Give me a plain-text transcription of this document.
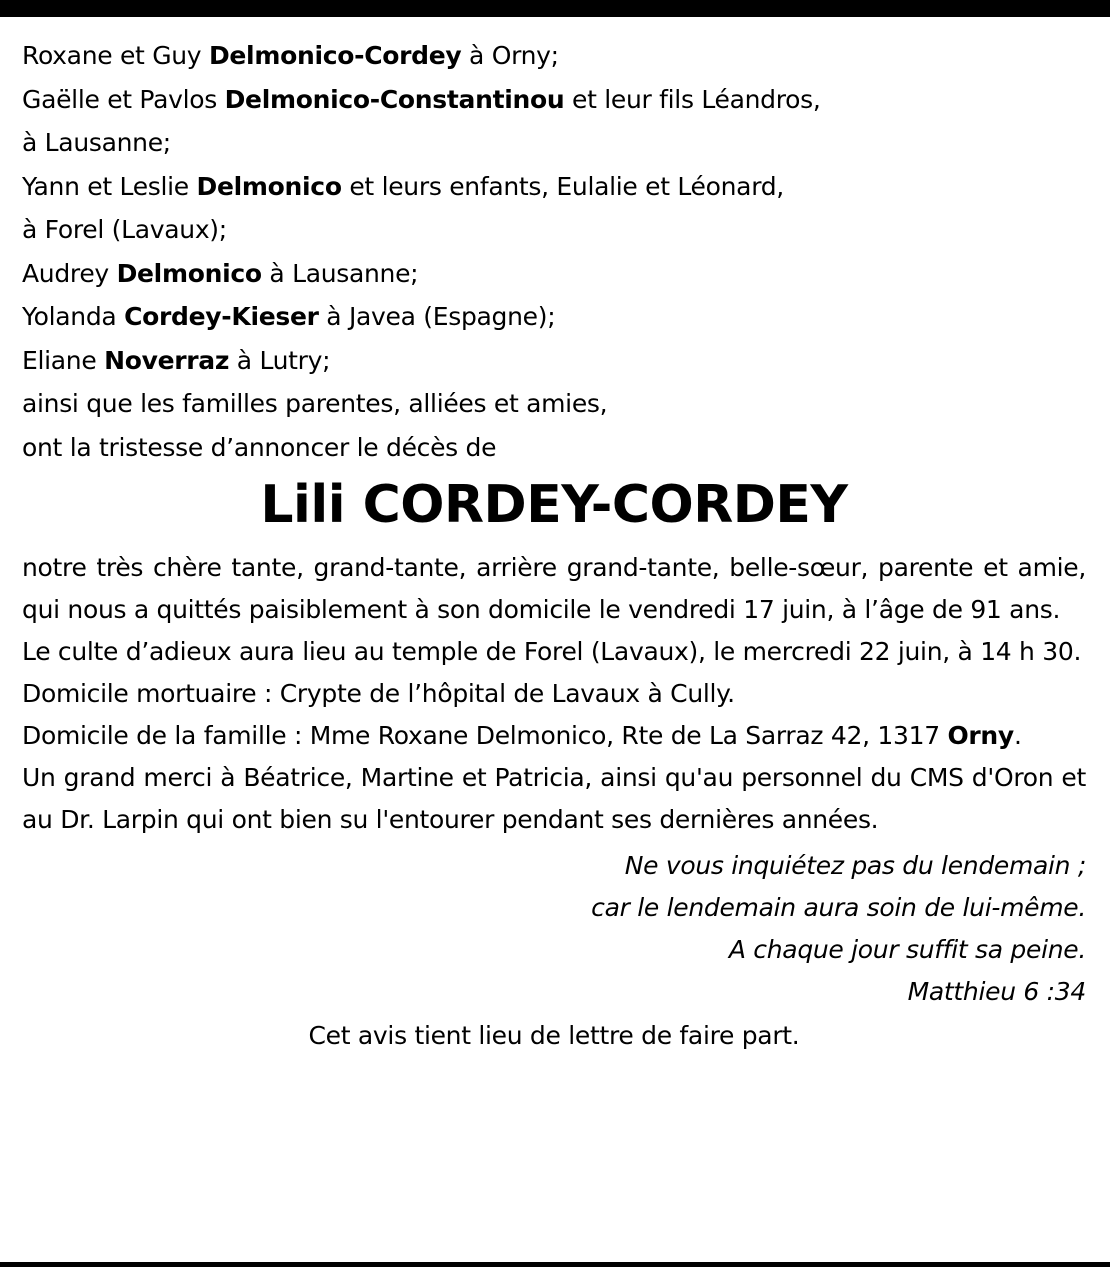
Roxane et Guy Delmonico-Cordey à Orny;
Gaëlle et Pavlos Delmonico-Constantinou et leur fils Léandros,
à Lausanne;
Yann et Leslie Delmonico et leurs enfants, Eulalie et Léonard,
à Forel (Lavaux);
Audrey Delmonico à Lausanne;
Yolanda Cordey-Kieser à Javea (Espagne);
Eliane Noverraz à Lutry;
ainsi que les familles parentes, alliées et amies,
ont la tristesse d’annoncer le décès de
Lili CORDEY-CORDEY
notre très chère tante, grand-tante, arrière grand-tante, belle-sœur, parente et amie, qui nous a quittés paisiblement à son domicile le vendredi 17 juin, à l’âge de 91 ans.
Le culte d’adieux aura lieu au temple de Forel (Lavaux), le mercredi 22 juin, à 14 h 30.
Domicile mortuaire : Crypte de l’hôpital de Lavaux à Cully.
Domicile de la famille : Mme Roxane Delmonico, Rte de La Sarraz 42, 1317 Orny.
Un grand merci à Béatrice, Martine et Patricia, ainsi qu'au personnel du CMS d'Oron et au Dr. Larpin qui ont bien su l'entourer pendant ses dernières années.
Ne vous inquiétez pas du lendemain ;
car le lendemain aura soin de lui-même.
A chaque jour suffit sa peine.
Matthieu 6 :34
Cet avis tient lieu de lettre de faire part.
